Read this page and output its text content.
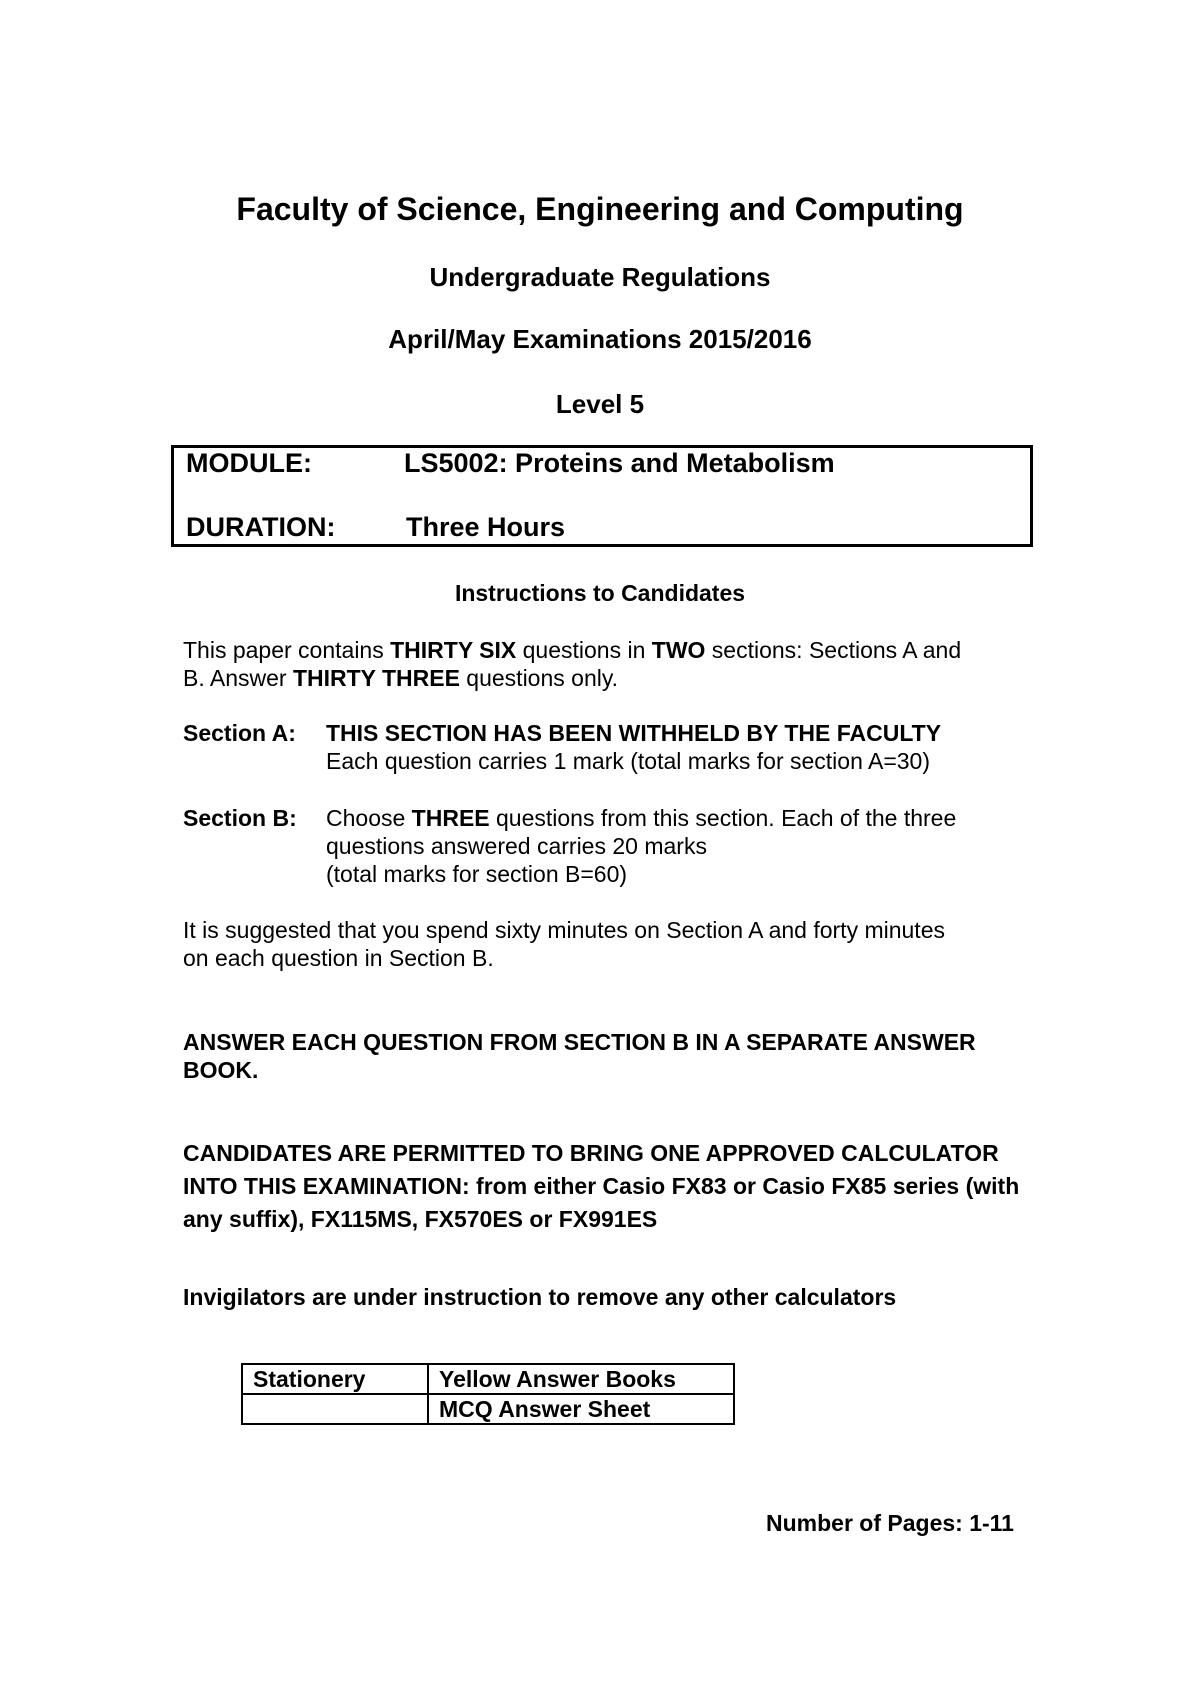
Faculty of Science, Engineering and Computing
Undergraduate Regulations
April/May Examinations 2015/2016
Level 5
MODULE:	LS5002: Proteins and Metabolism
DURATION:	Three Hours
Instructions to Candidates
This paper contains THIRTY SIX questions in TWO sections: Sections A and
B. Answer THIRTY THREE questions only.
Section A: THIS SECTION HAS BEEN WITHHELD BY THE FACULTY
Each question carries 1 mark (total marks for section A=30)
Section B: Choose THREE questions from this section. Each of the three
questions answered carries 20 marks
(total marks for section B=60)
It is suggested that you spend sixty minutes on Section A and forty minutes
on each question in Section B.
ANSWER EACH QUESTION FROM SECTION B IN A SEPARATE ANSWER
BOOK.
CANDIDATES ARE PERMITTED TO BRING ONE APPROVED CALCULATOR
INTO THIS EXAMINATION: from either Casio FX83 or Casio FX85 series (with
any suffix), FX115MS, FX570ES or FX991ES
Invigilators are under instruction to remove any other calculators
Stationery	Yellow Answer Books
	MCQ Answer Sheet
Number of Pages: 1-11
